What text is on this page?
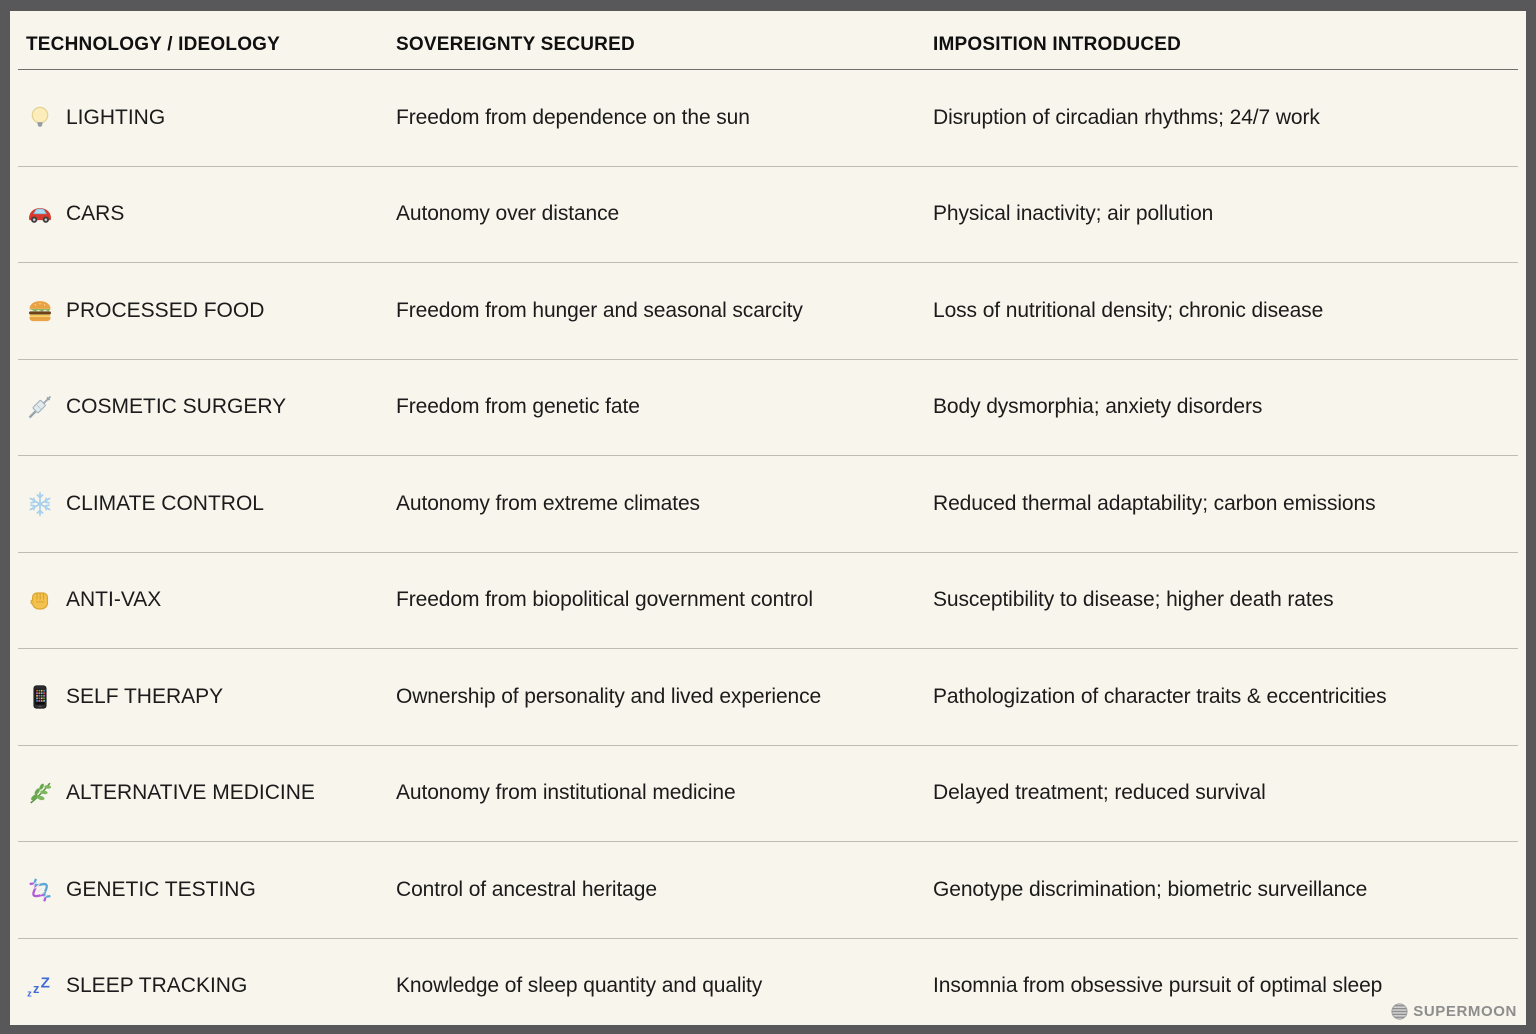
TECHNOLOGY / IDEOLOGY	SOVEREIGNTY SECURED	IMPOSITION INTRODUCED
LIGHTING	Freedom from dependence on the sun	Disruption of circadian rhythms; 24/7 work
CARS	Autonomy over distance	Physical inactivity; air pollution
PROCESSED FOOD	Freedom from hunger and seasonal scarcity	Loss of nutritional density; chronic disease
COSMETIC SURGERY	Freedom from genetic fate	Body dysmorphia; anxiety disorders
CLIMATE CONTROL	Autonomy from extreme climates	Reduced thermal adaptability; carbon emissions
ANTI-VAX	Freedom from biopolitical government control	Susceptibility to disease; higher death rates
SELF THERAPY	Ownership of personality and lived experience	Pathologization of character traits & eccentricities
ALTERNATIVE MEDICINE	Autonomy from institutional medicine	Delayed treatment; reduced survival
GENETIC TESTING	Control of ancestral heritage	Genotype discrimination; biometric surveillance
z z Z SLEEP TRACKING	Knowledge of sleep quantity and quality	Insomnia from obsessive pursuit of optimal sleep
SUPERMOON
